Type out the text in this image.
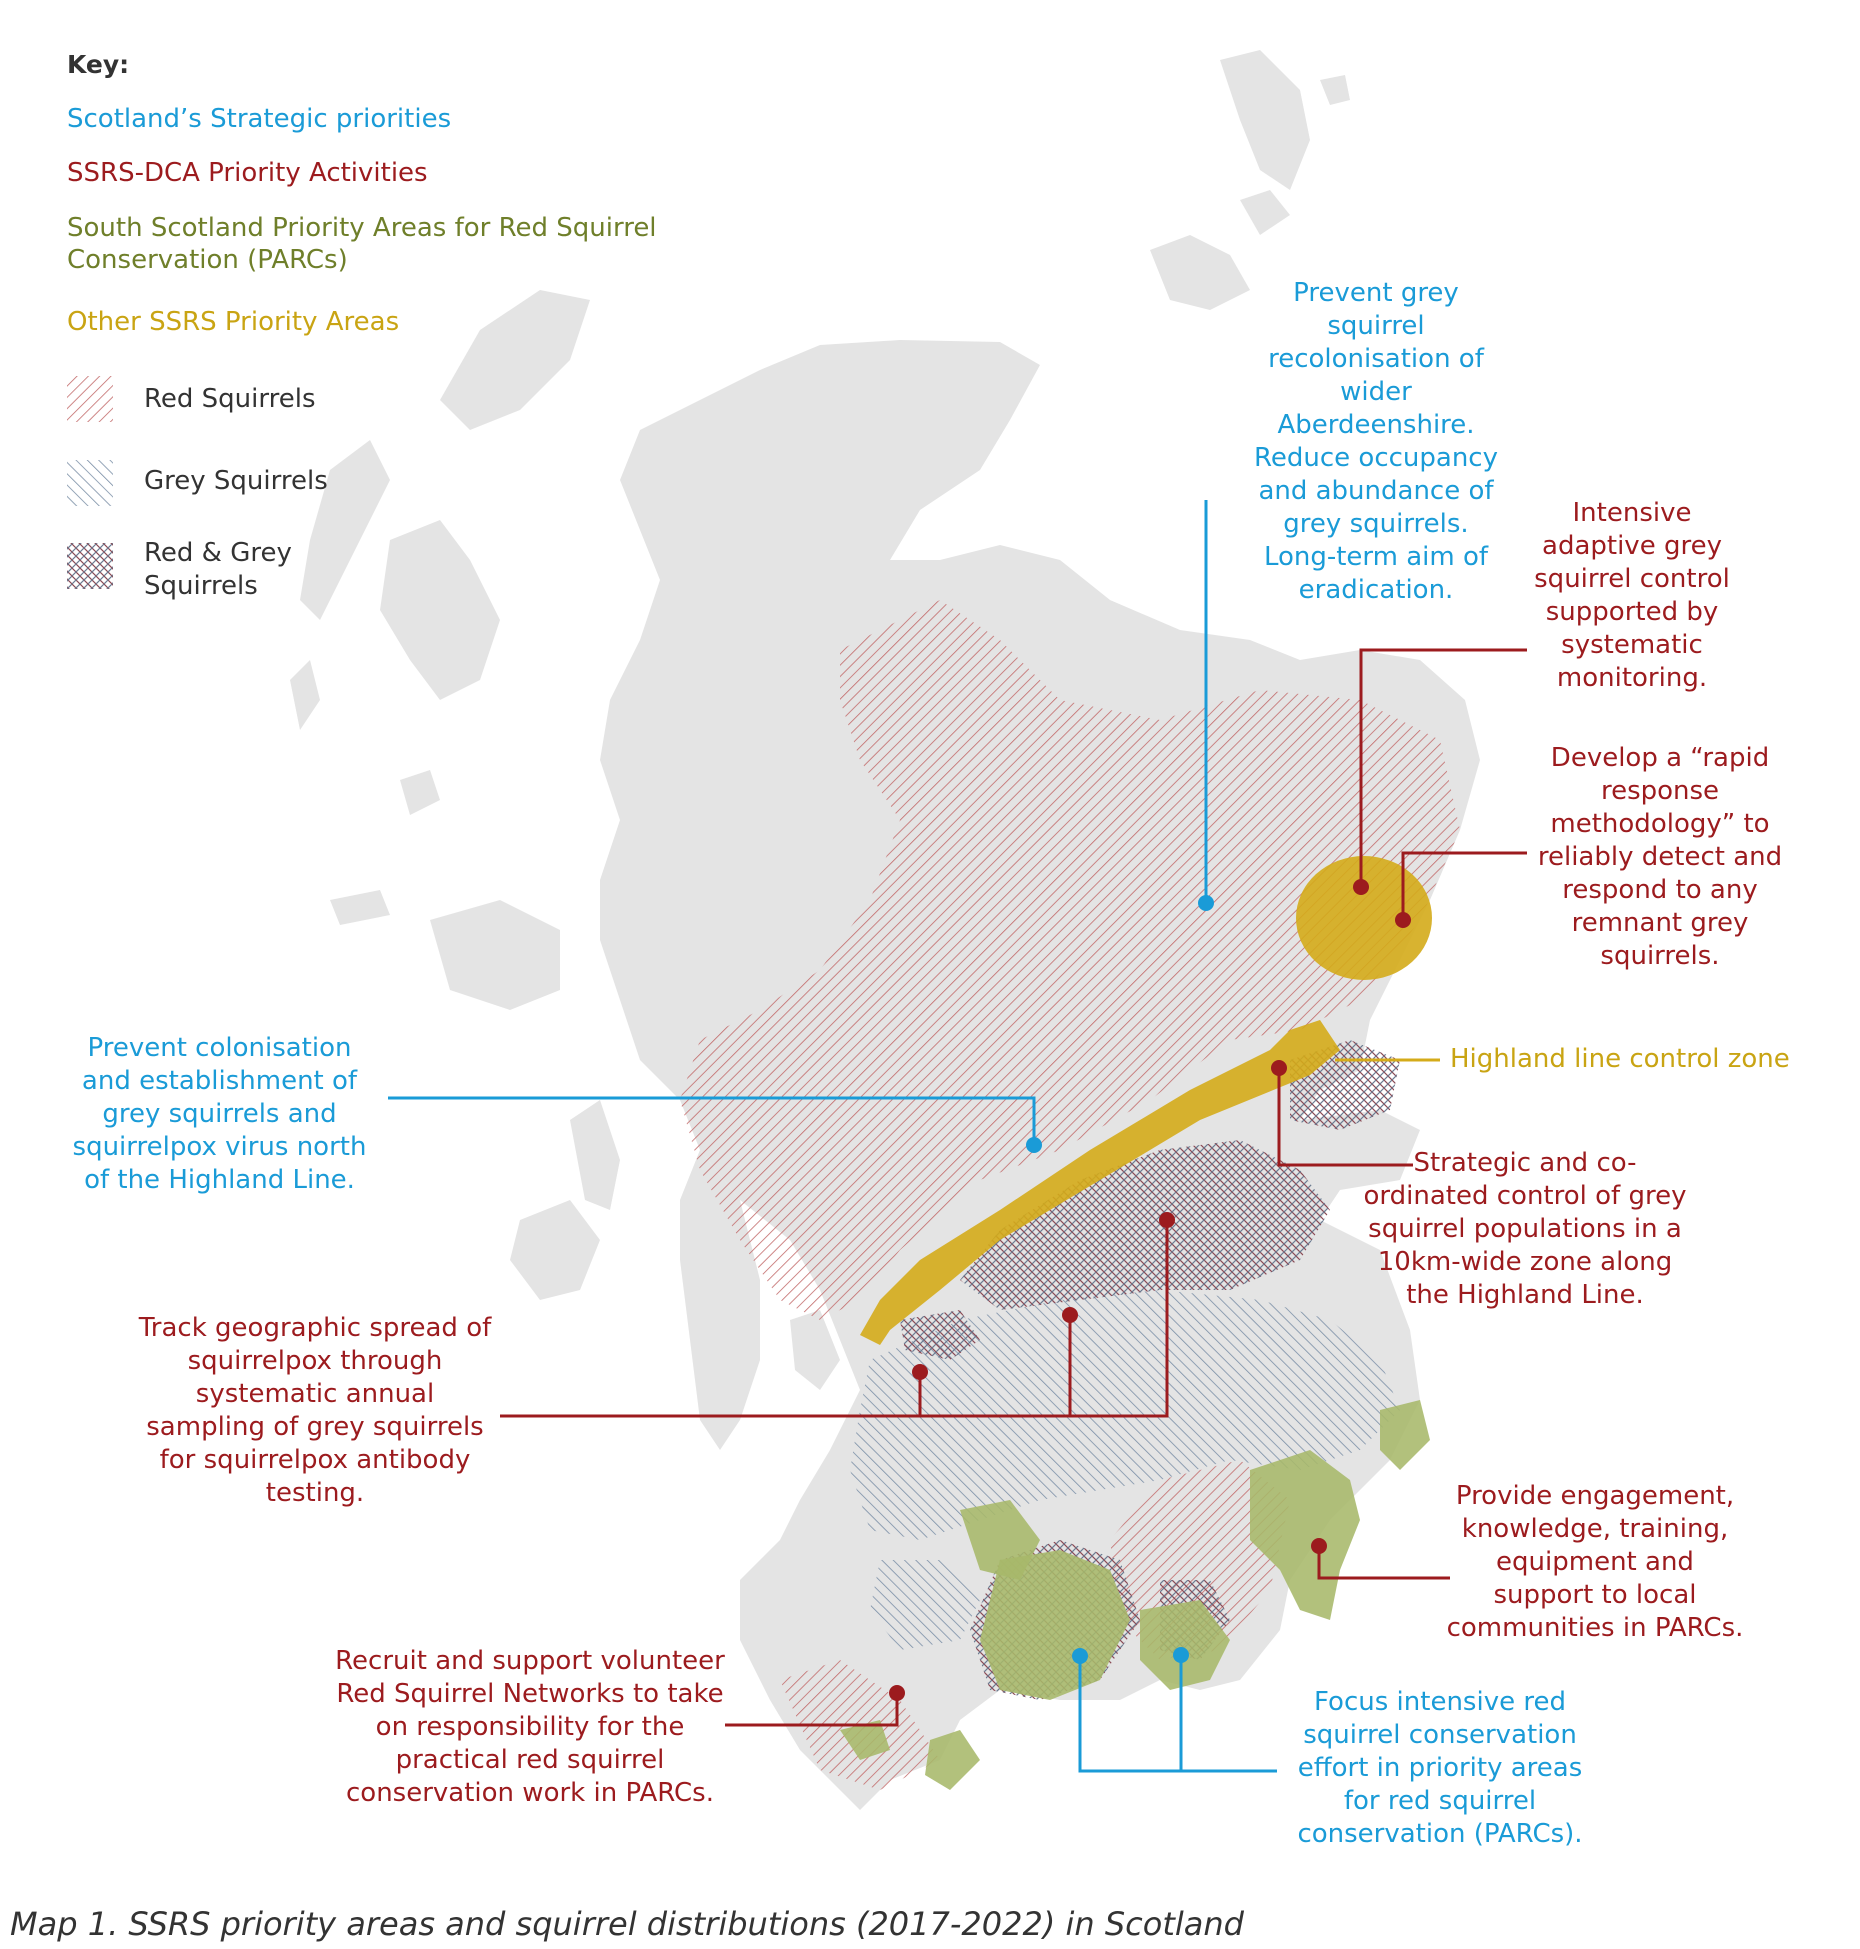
Key:
Scotland’s Strategic priorities
SSRS-DCA Priority Activities
South Scotland Priority Areas for Red Squirrel Conservation (PARCs)
Other SSRS Priority Areas
Red Squirrels
Grey Squirrels
Red & Grey Squirrels
Prevent grey squirrel recolonisation of wider Aberdeenshire. Reduce occupancy and abundance of grey squirrels. Long-term aim of eradication.
Intensive adaptive grey squirrel control supported by systematic monitoring.
Develop a “rapid response methodology” to reliably detect and respond to any remnant grey squirrels.
Highland line control zone
Strategic and co-ordinated control of grey squirrel populations in a 10km-wide zone along the Highland Line.
Prevent colonisation and establishment of grey squirrels and squirrelpox virus north of the Highland Line.
Track geographic spread of squirrelpox through systematic annual sampling of grey squirrels for squirrelpox antibody testing.	Provide engagement, knowledge, training, equipment and support to local communities in PARCs.
Recruit and support volunteer Red Squirrel Networks to take on responsibility for the practical red squirrel conservation work in PARCs.
Focus intensive red squirrel conservation effort in priority areas for red squirrel conservation (PARCs).
Map 1. SSRS priority areas and squirrel distributions (2017-2022) in Scotland
